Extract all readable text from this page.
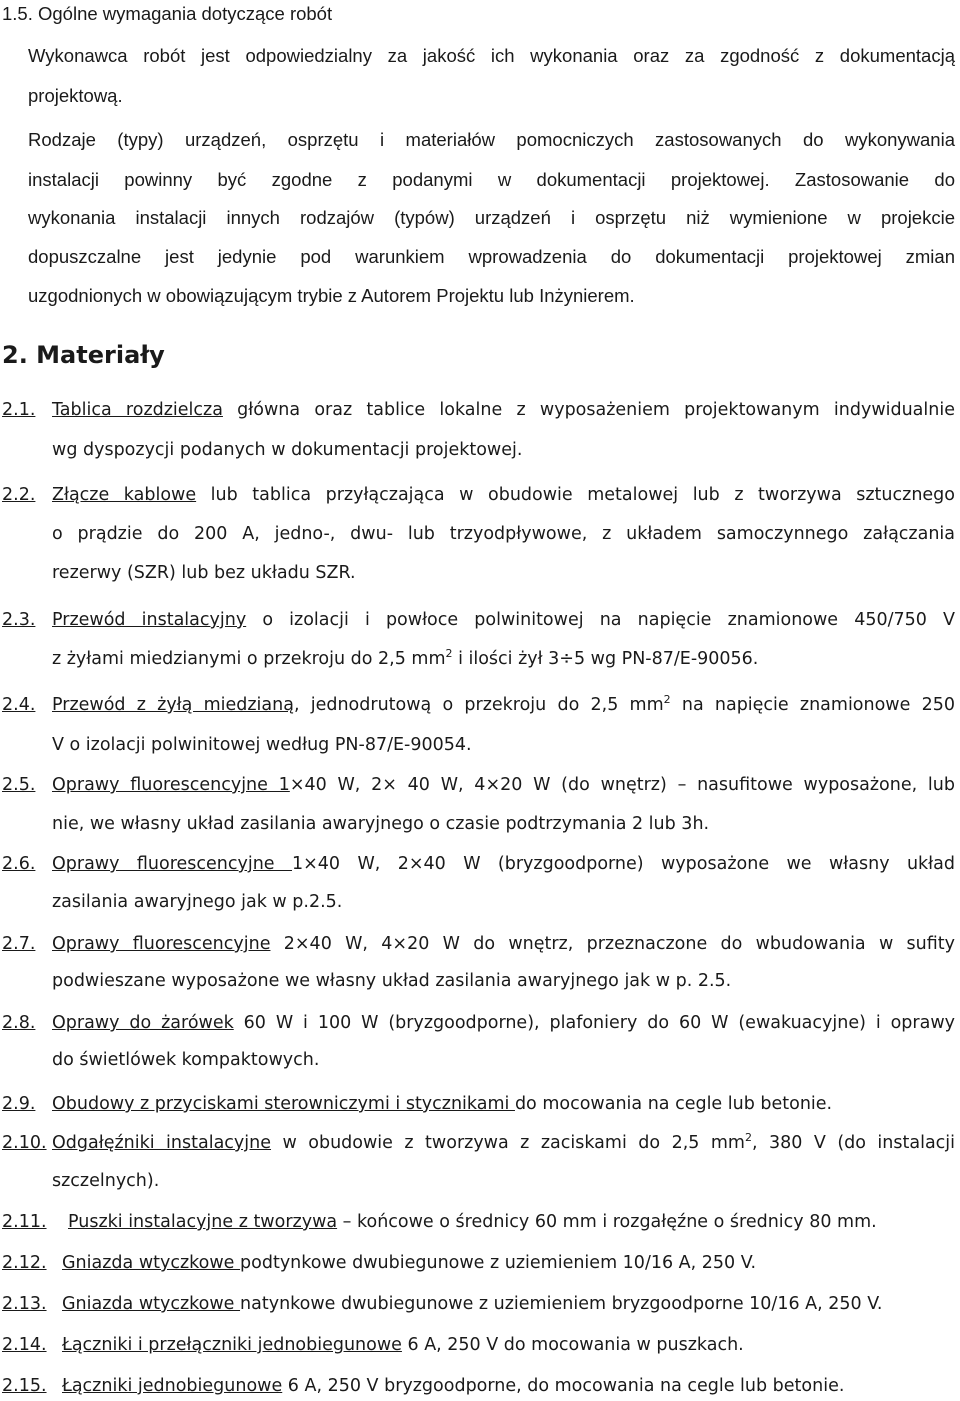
1.5. Ogólne wymagania dotyczące robót
Wykonawca robót jest odpowiedzialny za jakość ich wykonania oraz za zgodność z dokumentacją
projektową.
Rodzaje (typy) urządzeń, osprzętu i materiałów pomocniczych zastosowanych do wykonywania
instalacji powinny być zgodne z podanymi w dokumentacji projektowej. Zastosowanie do
wykonania instalacji innych rodzajów (typów) urządzeń i osprzętu niż wymienione w projekcie
dopuszczalne jest jedynie pod warunkiem wprowadzenia do dokumentacji projektowej zmian
uzgodnionych w obowiązującym trybie z Autorem Projektu lub Inżynierem.
2. Materiały
2.1. Tablica rozdzielcza główna oraz tablice lokalne z wyposażeniem projektowanym indywidualnie
wg dyspozycji podanych w dokumentacji projektowej.
2.2. Złącze kablowe lub tablica przyłączająca w obudowie metalowej lub z tworzywa sztucznego
o prądzie do 200 A, jedno-, dwu- lub trzyodpływowe, z układem samoczynnego załączania
rezerwy (SZR) lub bez układu SZR.
2.3. Przewód instalacyjny o izolacji i powłoce polwinitowej na napięcie znamionowe 450/750 V
z żyłami miedzianymi o przekroju do 2,5 $mm^2$ i ilości żył 3÷5 wg PN-87/E-90056.
2.4. Przewód z żyłą miedzianą, jednodrutową o przekroju do 2,5 $mm^2$ na napięcie znamionowe 250
V o izolacji polwinitowej według PN-87/E-90054.
2.5. Oprawy fluorescencyjne 1×40 W, 2× 40 W, 4×20 W (do wnętrz) – nasufitowe wyposażone, lub
nie, we własny układ zasilania awaryjnego o czasie podtrzymania 2 lub 3h.
2.6. Oprawy fluorescencyjne 1×40 W, 2×40 W (bryzgoodporne) wyposażone we własny układ
zasilania awaryjnego jak w p.2.5.
2.7. Oprawy fluorescencyjne 2×40 W, 4×20 W do wnętrz, przeznaczone do wbudowania w sufity
podwieszane wyposażone we własny układ zasilania awaryjnego jak w p. 2.5.
2.8. Oprawy do żarówek 60 W i 100 W (bryzgoodporne), plafoniery do 60 W (ewakuacyjne) i oprawy
do świetlówek kompaktowych.
2.9. Obudowy z przyciskami sterowniczymi i stycznikami do mocowania na cegle lub betonie.
2.10. Odgałęźniki instalacyjne w obudowie z tworzywa z zaciskami do 2,5 $mm^2$, 380 V (do instalacji
szczelnych).
2.11. Puszki instalacyjne z tworzywa – końcowe o średnicy 60 mm i rozgałęźne o średnicy 80 mm.
2.12. Gniazda wtyczkowe podtynkowe dwubiegunowe z uziemieniem 10/16 A, 250 V.
2.13. Gniazda wtyczkowe natynkowe dwubiegunowe z uziemieniem bryzgoodporne 10/16 A, 250 V.
2.14. Łączniki i przełączniki jednobiegunowe 6 A, 250 V do mocowania w puszkach.
2.15. Łączniki jednobiegunowe 6 A, 250 V bryzgoodporne, do mocowania na cegle lub betonie.
